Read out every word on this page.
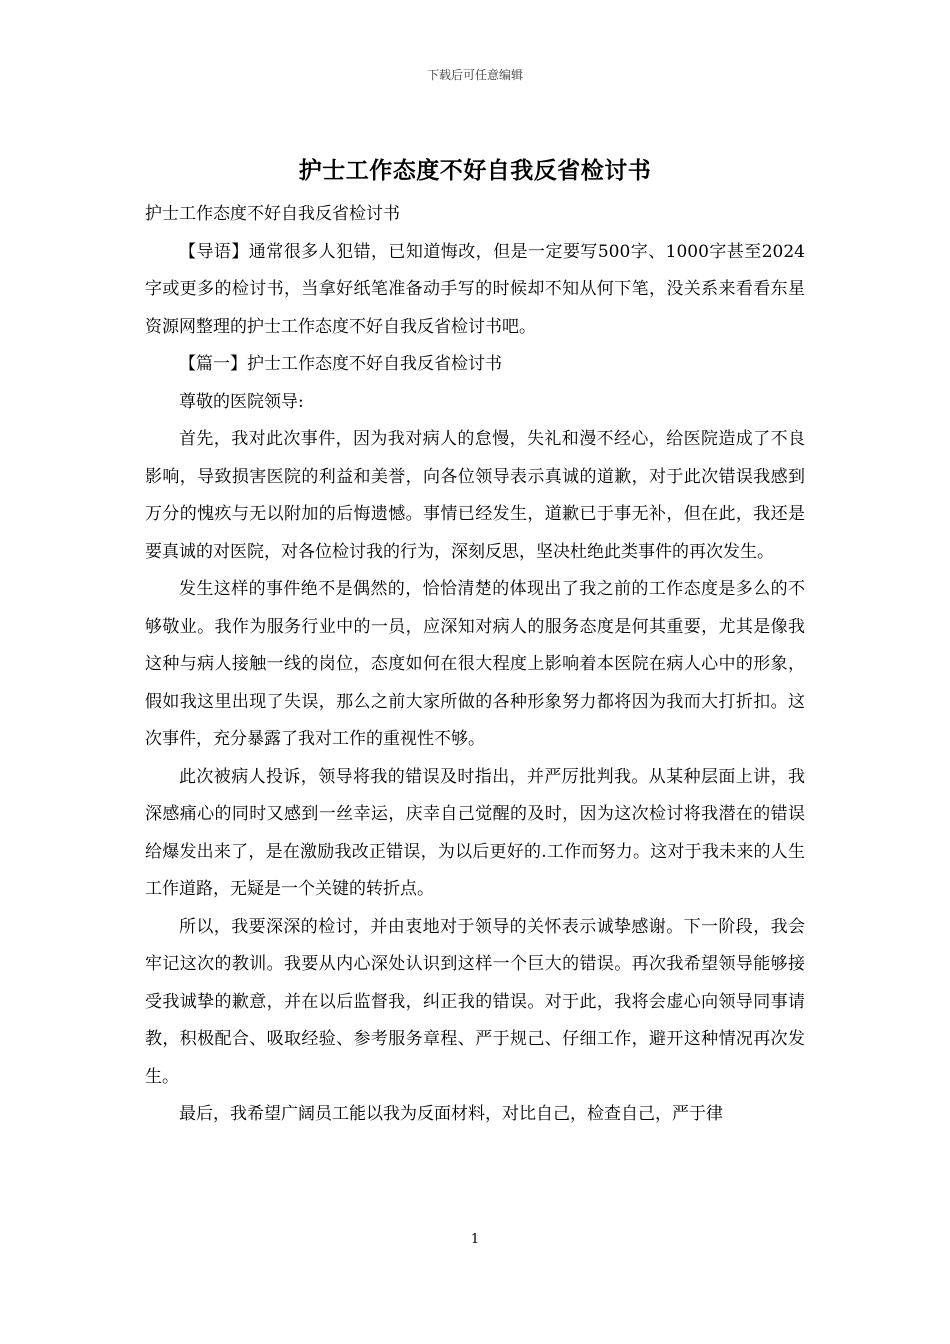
下载后可任意编辑
护士工作态度不好自我反省检讨书

护士工作态度不好自我反省检讨书

【导语】通常很多人犯错，已知道悔改，但是一定要写500字、1000字甚至2024字或更多的检讨书，当拿好纸笔准备动手写的时候却不知从何下笔，没关系来看看东星资源网整理的护士工作态度不好自我反省检讨书吧。

【篇一】护士工作态度不好自我反省检讨书

尊敬的医院领导:

首先，我对此次事件，因为我对病人的怠慢，失礼和漫不经心，给医院造成了不良影响，导致损害医院的利益和美誉，向各位领导表示真诚的道歉，对于此次错误我感到万分的愧疚与无以附加的后悔遗憾。事情已经发生，道歉已于事无补，但在此，我还是要真诚的对医院，对各位检讨我的行为，深刻反思，坚决杜绝此类事件的再次发生。

发生这样的事件绝不是偶然的，恰恰清楚的体现出了我之前的工作态度是多么的不够敬业。我作为服务行业中的一员，应深知对病人的服务态度是何其重要，尤其是像我这种与病人接触一线的岗位，态度如何在很大程度上影响着本医院在病人心中的形象，假如我这里出现了失误，那么之前大家所做的各种形象努力都将因为我而大打折扣。这次事件，充分暴露了我对工作的重视性不够。

此次被病人投诉，领导将我的错误及时指出，并严厉批判我。从某种层面上讲，我深感痛心的同时又感到一丝幸运，庆幸自己觉醒的及时，因为这次检讨将我潜在的错误给爆发出来了，是在激励我改正错误，为以后更好的.工作而努力。这对于我未来的人生工作道路，无疑是一个关键的转折点。

所以，我要深深的检讨，并由衷地对于领导的关怀表示诚挚感谢。下一阶段，我会牢记这次的教训。我要从内心深处认识到这样一个巨大的错误。再次我希望领导能够接受我诚挚的歉意，并在以后监督我，纠正我的错误。对于此，我将会虚心向领导同事请教，积极配合、吸取经验、参考服务章程、严于规己、仔细工作，避开这种情况再次发生。

最后，我希望广阔员工能以我为反面材料，对比自己，检查自己，严于律

1
